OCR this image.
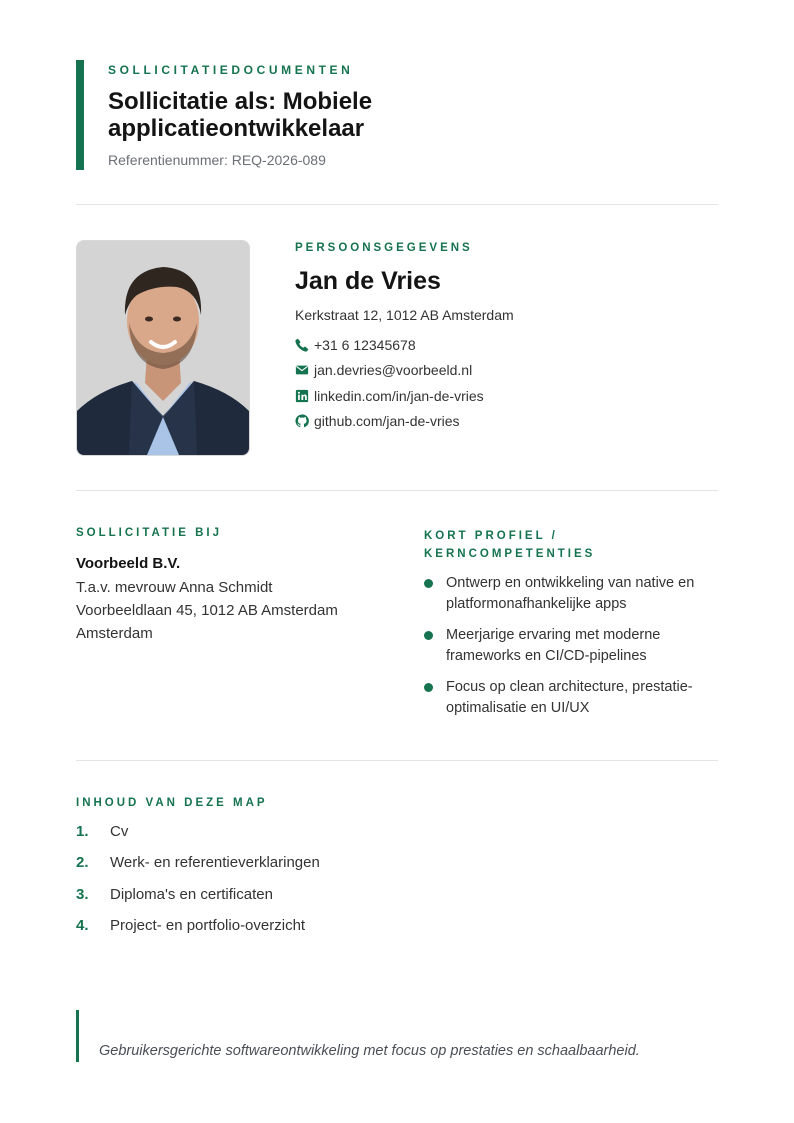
SOLLICITATIEDOCUMENTEN
Sollicitatie als: Mobiele applicatieontwikkelaar
Referentienummer: REQ-2026-089
PERSOONSGEGEVENS
Jan de Vries
Kerkstraat 12, 1012 AB Amsterdam
+31 6 12345678
jan.devries@voorbeeld.nl
linkedin.com/in/jan-de-vries
github.com/jan-de-vries
SOLLICITATIE BIJ
Voorbeeld B.V.
T.a.v. mevrouw Anna Schmidt
Voorbeeldlaan 45, 1012 AB Amsterdam
Amsterdam
KORT PROFIEL / KERNCOMPETENTIES
Ontwerp en ontwikkeling van native en platformonafhankelijke apps
Meerjarige ervaring met moderne frameworks en CI/CD-pipelines
Focus op clean architecture, prestatie-optimalisatie en UI/UX
INHOUD VAN DEZE MAP
1.	Cv
2.	Werk- en referentieverklaringen
3.	Diploma's en certificaten
4.	Project- en portfolio-overzicht
Gebruikersgerichte softwareontwikkeling met focus op prestaties en schaalbaarheid.
